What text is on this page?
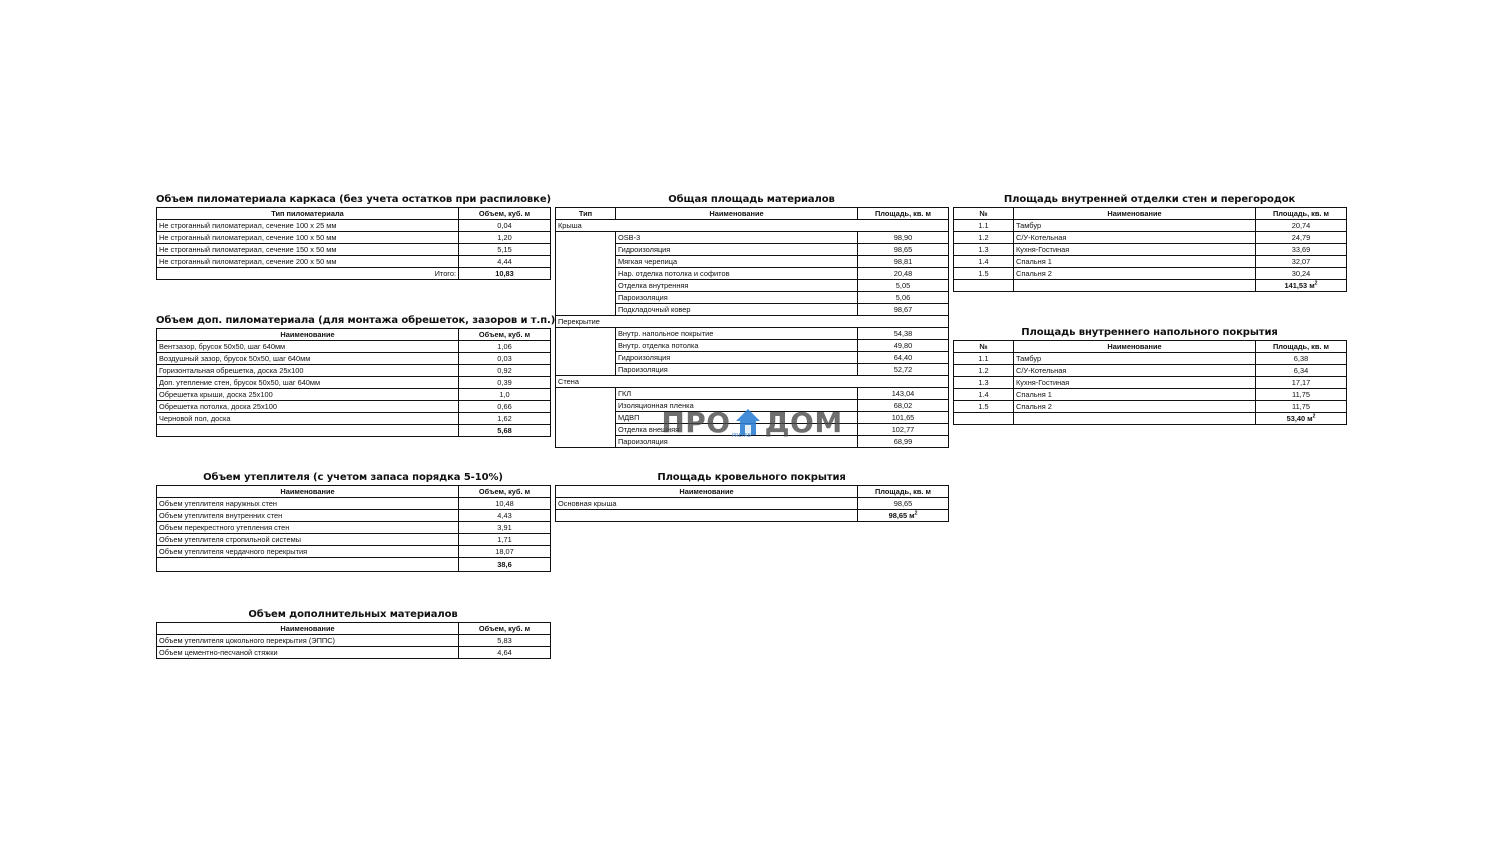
Объем пиломатериала каркаса (без учета остатков при распиловке)
Тип пиломатериала	Объем, куб. м
Не строганный пиломатериал, сечение 100 х 25 мм	0,04
Не строганный пиломатериал, сечение 100 х 50 мм	1,20
Не строганный пиломатериал, сечение 150 х 50 мм	5,15
Не строганный пиломатериал, сечение 200 х 50 мм	4,44
Итого:	10,83
Объем доп. пиломатериала (для монтажа обрешеток, зазоров и т.п.)
Наименование	Объем, куб. м
Вентзазор, брусок 50х50, шаг 640мм	1,06
Воздушный зазор, брусок 50х50, шаг 640мм	0,03
Горизонтальная обрешетка, доска 25х100	0,92
Доп. утепление стен, брусок 50х50, шаг 640мм	0,39
Обрешетка крыши, доска 25х100	1,0
Обрешетка потолка, доска 25х100	0,66
Черновой пол, доска	1,62
	5,68
Объем утеплителя (с учетом запаса порядка 5-10%)
Наименование	Объем, куб. м
Объем утеплителя наружных стен	10,48
Объем утеплителя внутренних стен	4,43
Объем перекрестного утепления стен	3,91
Объем утеплителя стропильной системы	1,71
Объем утеплителя чердачного перекрытия	18,07
	38,6
Объем дополнительных материалов
Наименование	Объем, куб. м
Объем утеплителя цокольного перекрытия (ЭППС)	5,83
Объем цементно-песчаной стяжки	4,64
Общая площадь материалов
Тип	Наименование	Площадь, кв. м
Крыша		
	OSB-3	98,90
	Гидроизоляция	98,65
	Мягкая черепица	98,81
	Нар. отделка потолка и софитов	20,48
	Отделка внутренняя	5,05
	Пароизоляция	5,06
	Подкладочный ковер	98,67
Перекрытие		
	Внутр. напольное покрытие	54,38
	Внутр. отделка потолка	49,80
	Гидроизоляция	64,40
	Пароизоляция	52,72
Стена		
	ГКЛ	143,04
	Изоляционная пленка	68,02
	МДВП	101,65
	Отделка внешняя	102,77
	Пароизоляция	68,99
Площадь кровельного покрытия
Наименование	Площадь, кв. м
Основная крыша	98,65
	98,65 $м^2$
Площадь внутренней отделки стен и перегородок
№	Наименование	Площадь, кв. м
1.1	Тамбур	20,74
1.2	С/У-Котельная	24,79
1.3	Кухня-Гостиная	33,69
1.4	Спальня 1	32,07
1.5	Спальня 2	30,24
		141,53 $м^2$
Площадь внутреннего напольного покрытия
№	Наименование	Площадь, кв. м
1.1	Тамбур	6,38
1.2	С/У-Котельная	6,34
1.3	Кухня-Гостиная	17,17
1.4	Спальня 1	11,75
1.5	Спальня 2	11,75
		53,40 $м^2$
ПРО ДОМ
PREFAB
